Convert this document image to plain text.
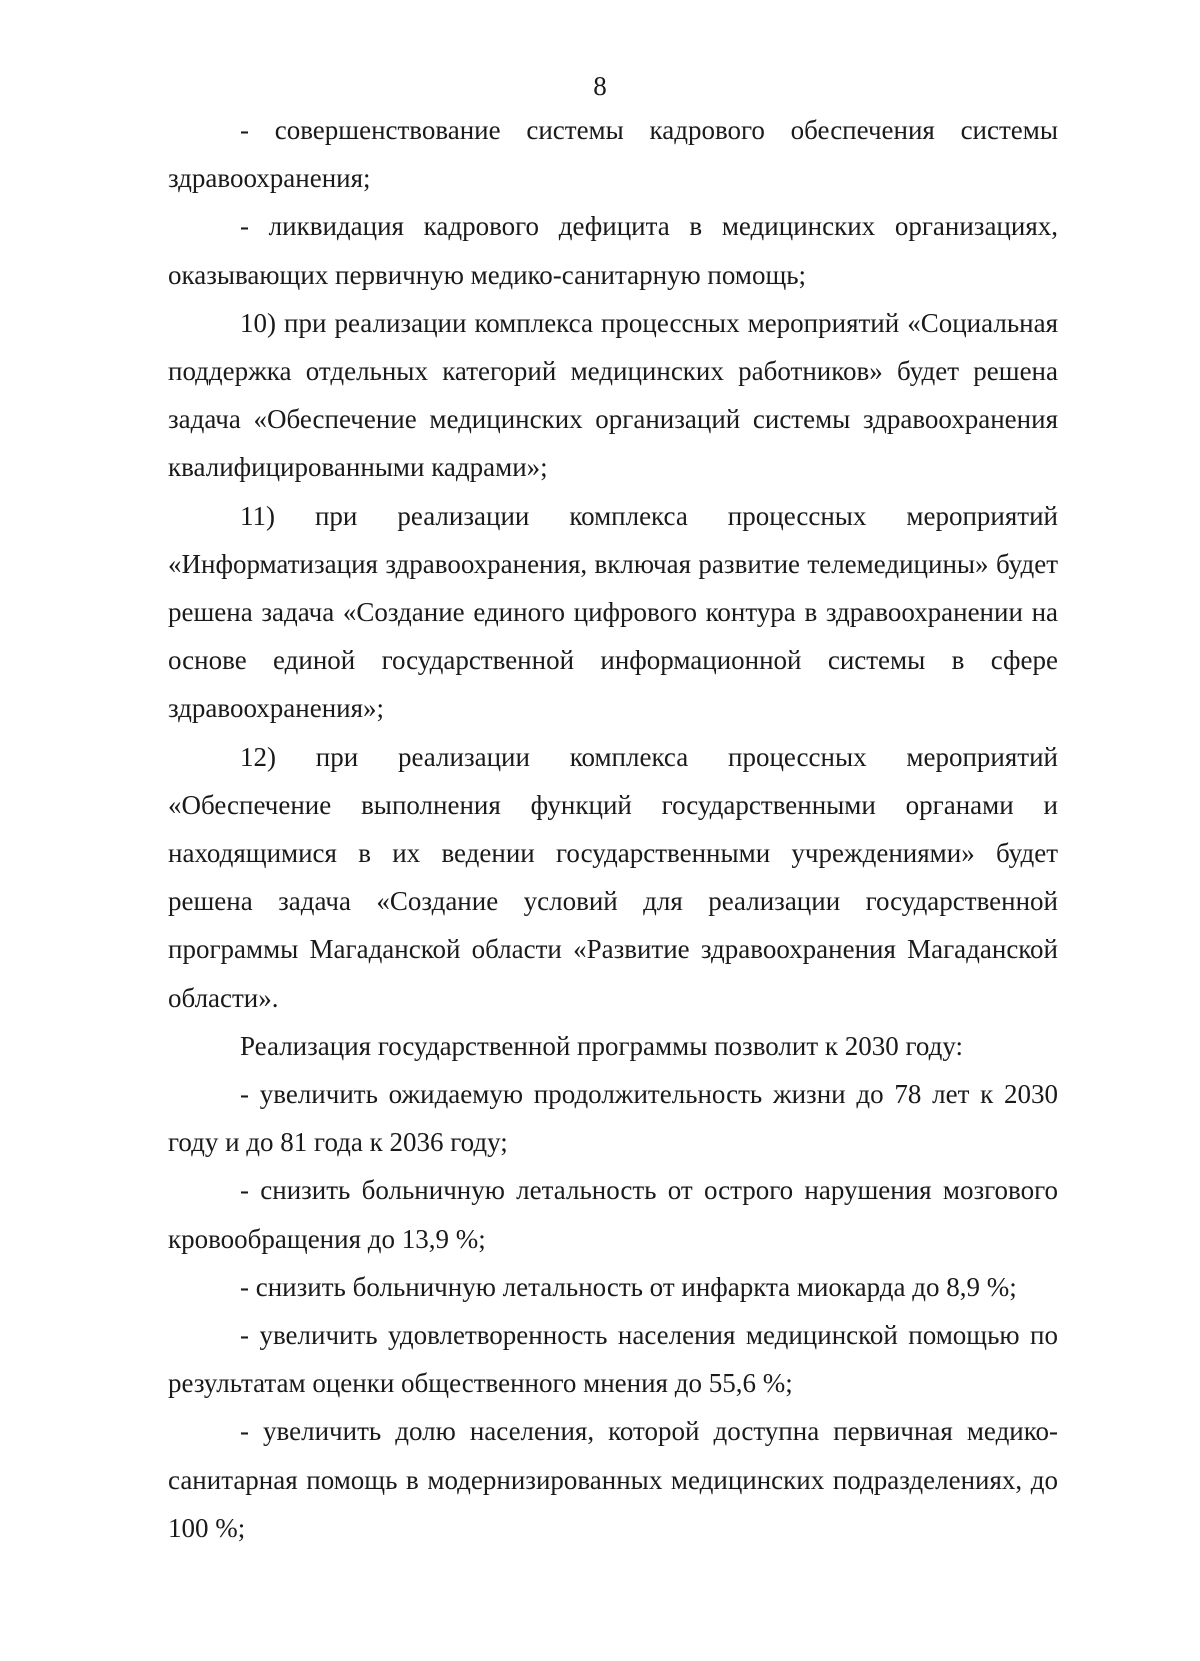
8

- совершенствование системы кадрового обеспечения системы здравоохранения;

- ликвидация кадрового дефицита в медицинских организациях, оказывающих первичную медико-санитарную помощь;

10) при реализации комплекса процессных мероприятий «Социальная поддержка отдельных категорий медицинских работников» будет решена задача «Обеспечение медицинских организаций системы здравоохранения квалифицированными кадрами»;

11) при реализации комплекса процессных мероприятий «Информатизация здравоохранения, включая развитие телемедицины» будет решена задача «Создание единого цифрового контура в здравоохранении на основе единой государственной информационной системы в сфере здравоохранения»;

12) при реализации комплекса процессных мероприятий «Обеспечение выполнения функций государственными органами и находящимися в их ведении государственными учреждениями» будет решена задача «Создание условий для реализации государственной программы Магаданской области «Развитие здравоохранения Магаданской области».

Реализация государственной программы позволит к 2030 году:

- увеличить ожидаемую продолжительность жизни до 78 лет к 2030 году и до 81 года к 2036 году;

- снизить больничную летальность от острого нарушения мозгового кровообращения до 13,9 %;

- снизить больничную летальность от инфаркта миокарда до 8,9 %;

- увеличить удовлетворенность населения медицинской помощью по результатам оценки общественного мнения до 55,6 %;

- увеличить долю населения, которой доступна первичная медико-санитарная помощь в модернизированных медицинских подразделениях, до 100 %;
